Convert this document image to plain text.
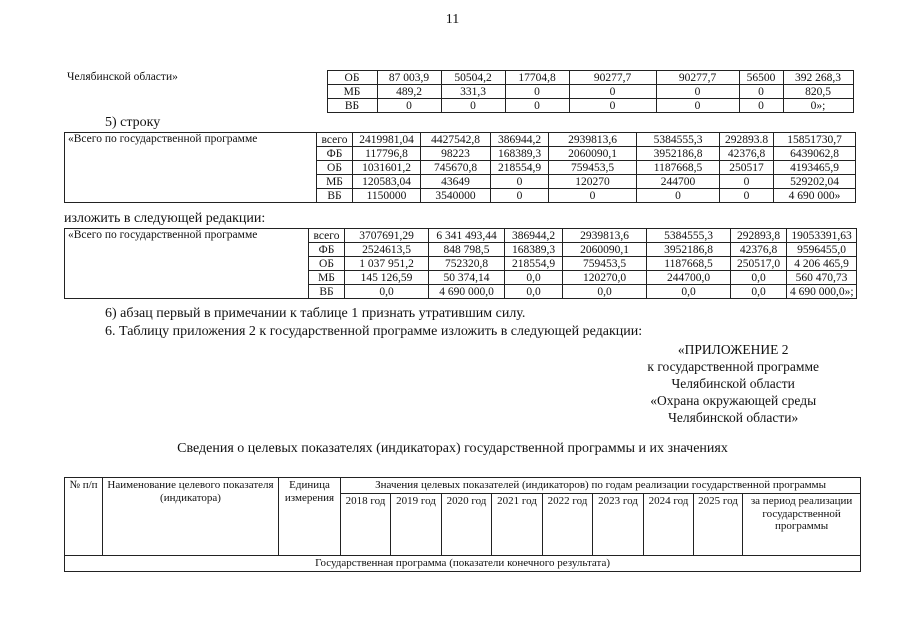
11
Челябинской области»	ОБ	87 003,9	50504,2	17704,8	90277,7	90277,7	56500	392 268,3
	МБ	489,2	331,3	0	0	0	0	820,5
	ВБ	0	0	0	0	0	0	0»;
5) строку
«Всего по государственной программе	всего	2419981,04	4427542,8	386944,2	2939813,6	5384555,3	292893.8	15851730,7
	ФБ	117796,8	98223	168389,3	2060090,1	3952186,8	42376,8	6439062,8
	ОБ	1031601,2	745670,8	218554,9	759453,5	1187668,5	250517	4193465,9
	МБ	120583,04	43649	0	120270	244700	0	529202,04
	ВБ	1150000	3540000	0	0	0	0	4 690 000»
изложить в следующей редакции:
«Всего по государственной программе	всего	3707691,29	6 341 493,44	386944,2	2939813,6	5384555,3	292893,8	19053391,63
	ФБ	2524613,5	848 798,5	168389,3	2060090,1	3952186,8	42376,8	9596455,0
	ОБ	1 037 951,2	752320,8	218554,9	759453,5	1187668,5	250517,0	4 206 465,9
	МБ	145 126,59	50 374,14	0,0	120270,0	244700,0	0,0	560 470,73
	ВБ	0,0	4 690 000,0	0,0	0,0	0,0	0,0	4 690 000,0»;
6) абзац первый в примечании к таблице 1 признать утратившим силу.
6. Таблицу приложения 2 к государственной программе изложить в следующей редакции:
«ПРИЛОЖЕНИЕ 2
к государственной программе
Челябинской области
«Охрана окружающей среды
Челябинской области»
Сведения о целевых показателях (индикаторах) государственной программы и их значениях
№ п/п	Наименование целевого показателя (индикатора)	Единица измерения	Значения целевых показателей (индикаторов) по годам реализации государственной программы								
			2018 год	2019 год	2020 год	2021 год	2022 год	2023 год	2024 год	2025 год	за период реализации государственной программы
Государственная программа (показатели конечного результата)											
